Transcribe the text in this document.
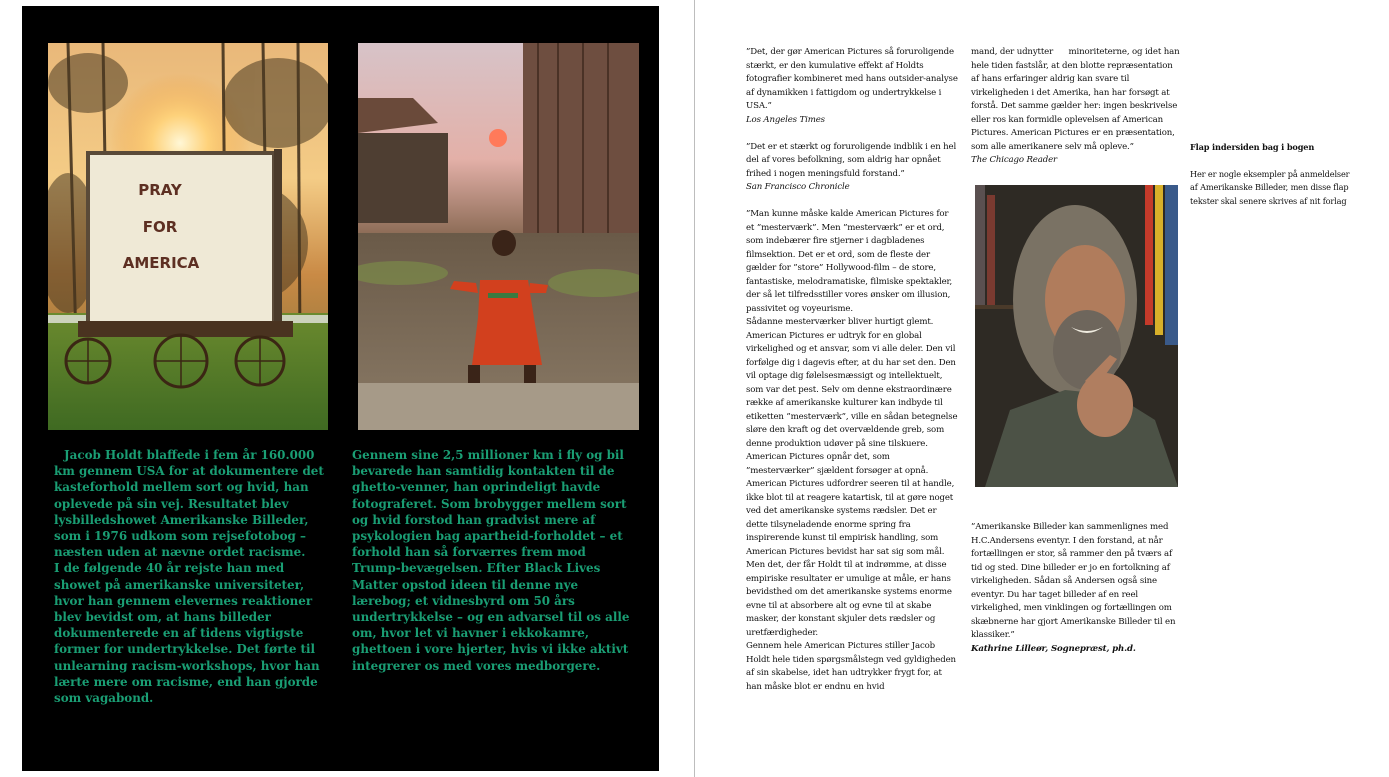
PRAY
FOR
AMERICA

Jacob Holdt blaffede i fem år 160.000 km gennem USA for at dokumentere det kasteforhold mellem sort og hvid, han oplevede på sin vej. Resultatet blev lysbilledshowet Amerikanske Billeder, som i 1976 udkom som rejsefotobog – næsten uden at nævne ordet racisme.

I de følgende 40 år rejste han med showet på amerikanske universiteter, hvor han gennem elevernes reaktioner blev bevidst om, at hans billeder dokumenterede en af tidens vigtigste former for undertrykkelse. Det førte til unlearning racism-workshops, hvor han lærte mere om racisme, end han gjorde som vagabond.

Gennem sine 2,5 millioner km i fly og bil bevarede han samtidig kontakten til de ghetto-venner, han oprindeligt havde fotograferet. Som brobygger mellem sort og hvid forstod han gradvist mere af psykologien bag apartheid-forholdet – et forhold han så forværres frem mod Trump-bevægelsen. Efter Black Lives Matter opstod ideen til denne nye lærebog; et vidnesbyrd om 50 års undertrykkelse – og en advarsel til os alle om, hvor let vi havner i ekkokamre, ghettoen i vore hjerter, hvis vi ikke aktivt integrerer os med vores medborgere.

”Det, der gør American Pictures så foruroligende stærkt, er den kumulative effekt af Holdts fotografier kombineret med hans outsider-analyse af dynamikken i fattigdom og undertrykkelse i USA.”

Los Angeles Times

”Det er et stærkt og foruroligende indblik i en hel del af vores befolkning, som aldrig har opnået frihed i nogen meningsfuld forstand.”

San Francisco Chronicle

”Man kunne måske kalde American Pictures for et ”mesterværk”. Men ”mesterværk” er et ord, som indebærer fire stjerner i dagbladenes filmsektion. Det er et ord, som de fleste der gælder for ”store” Hollywood-film – de store, fantastiske, melodramatiske, filmiske spektakler, der så let tilfredsstiller vores ønsker om illusion, passivitet og voyeurisme.

Sådanne mesterværker bliver hurtigt glemt. American Pictures er udtryk for en global virkelighed og et ansvar, som vi alle deler. Den vil forfølge dig i dagevis efter, at du har set den. Den vil optage dig følelsesmæssigt og intellektuelt, som var det pest. Selv om denne ekstraordinære række af amerikanske kulturer kan indbyde til etiketten ”mesterværk”, ville en sådan betegnelse sløre den kraft og det overvældende greb, som denne produktion udøver på sine tilskuere. American Pictures opnår det, som ”mesterværker” sjældent forsøger at opnå. American Pictures udfordrer seeren til at handle, ikke blot til at reagere katartisk, til at gøre noget ved det amerikanske systems rædsler. Det er dette tilsyneladende enorme spring fra inspirerende kunst til empirisk handling, som American Pictures bevidst har sat sig som mål. Men det, der får Holdt til at indrømme, at disse empiriske resultater er umulige at måle, er hans bevidsthed om det amerikanske systems enorme evne til at absorbere alt og evne til at skabe masker, der konstant skjuler dets rædsler og uretfærdigheder.

Gennem hele American Pictures stiller Jacob Holdt hele tiden spørgsmålstegn ved gyldigheden af sin skabelse, idet han udtrykker frygt for, at han måske blot er endnu en hvid

mand, der udnytter      minoriteterne, og idet han hele tiden fastslår, at den blotte repræsentation af hans erfaringer aldrig kan svare til virkeligheden i det Amerika, han har forsøgt at forstå. Det samme gælder her: ingen beskrivelse eller ros kan formidle oplevelsen af American Pictures. American Pictures er en præsentation, som alle amerikanere selv må opleve.”

The Chicago Reader

”Amerikanske Billeder kan sammenlignes med H.C.Andersens eventyr. I den forstand, at når fortællingen er stor, så rammer den på tværs af tid og sted. Dine billeder er jo en fortolkning af virkeligheden. Sådan så Andersen også sine eventyr. Du har taget billeder af en reel virkelighed, men vinklingen og fortællingen om skæbnerne har gjort Amerikanske Billeder til en klassiker.”

Kathrine Lilleør, Sognepræst, ph.d.

Flap indersiden bag i bogen

Her er nogle eksempler på anmeldelser af Amerikanske Billeder, men disse flap tekster skal senere skrives af nit forlag
